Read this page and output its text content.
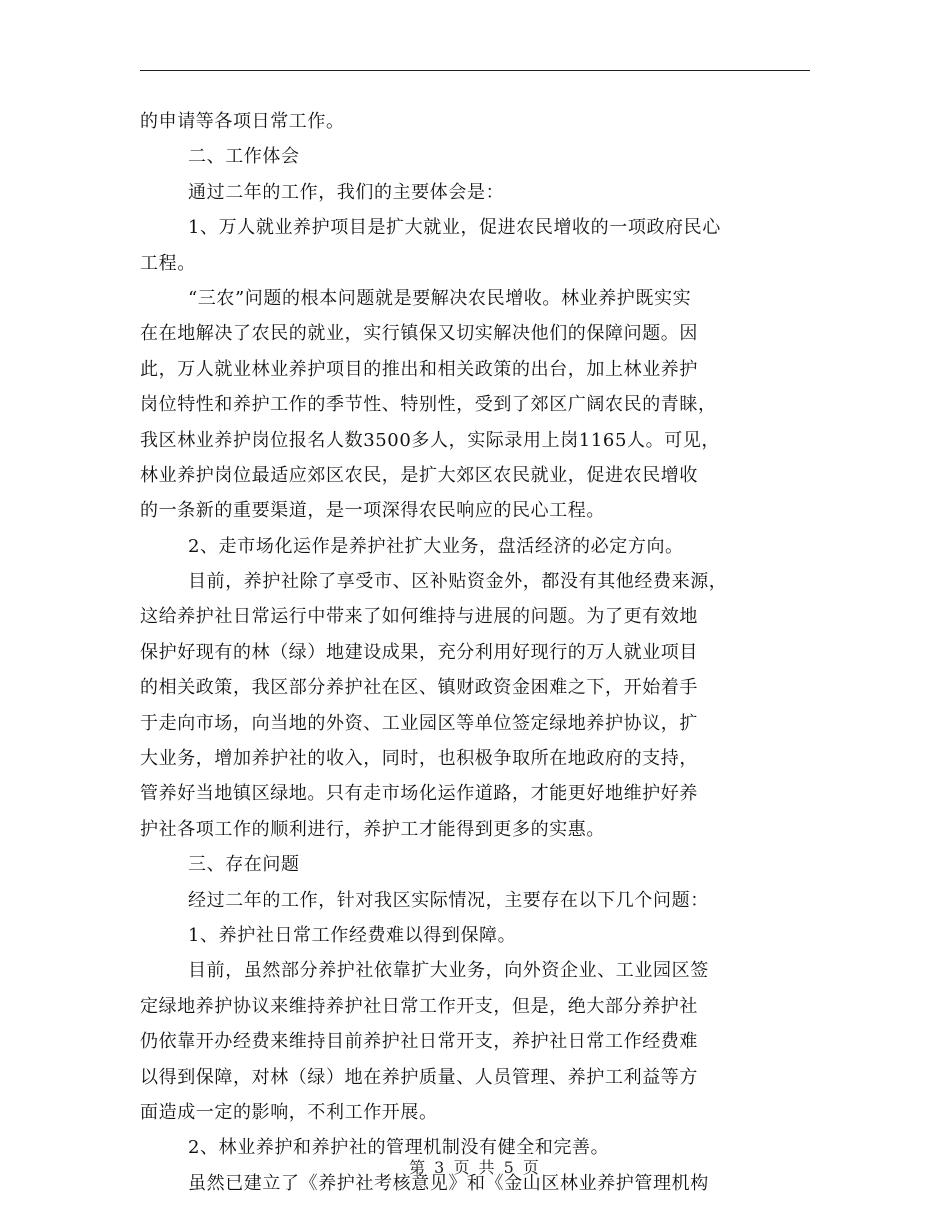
的申请等各项日常工作。
二、工作体会
通过二年的工作，我们的主要体会是：
1、万人就业养护项目是扩大就业，促进农民增收的一项政府民心
工程。
“三农”问题的根本问题就是要解决农民增收。林业养护既实实
在在地解决了农民的就业，实行镇保又切实解决他们的保障问题。因
此，万人就业林业养护项目的推出和相关政策的出台，加上林业养护
岗位特性和养护工作的季节性、特别性，受到了郊区广阔农民的青睐，
我区林业养护岗位报名人数3500多人，实际录用上岗1165人。可见，
林业养护岗位最适应郊区农民，是扩大郊区农民就业，促进农民增收
的一条新的重要渠道，是一项深得农民响应的民心工程。
2、走市场化运作是养护社扩大业务，盘活经济的必定方向。
目前，养护社除了享受市、区补贴资金外，都没有其他经费来源，
这给养护社日常运行中带来了如何维持与进展的问题。为了更有效地
保护好现有的林（绿）地建设成果，充分利用好现行的万人就业项目
的相关政策，我区部分养护社在区、镇财政资金困难之下，开始着手
于走向市场，向当地的外资、工业园区等单位签定绿地养护协议，扩
大业务，增加养护社的收入，同时，也积极争取所在地政府的支持，
管养好当地镇区绿地。只有走市场化运作道路，才能更好地维护好养
护社各项工作的顺利进行，养护工才能得到更多的实惠。
三、存在问题
经过二年的工作，针对我区实际情况，主要存在以下几个问题：
1、养护社日常工作经费难以得到保障。
目前，虽然部分养护社依靠扩大业务，向外资企业、工业园区签
定绿地养护协议来维持养护社日常工作开支，但是，绝大部分养护社
仍依靠开办经费来维持目前养护社日常开支，养护社日常工作经费难
以得到保障，对林（绿）地在养护质量、人员管理、养护工利益等方
面造成一定的影响，不利工作开展。
2、林业养护和养护社的管理机制没有健全和完善。
虽然已建立了《养护社考核意见》和《金山区林业养护管理机构
第 3 页 共 5 页
